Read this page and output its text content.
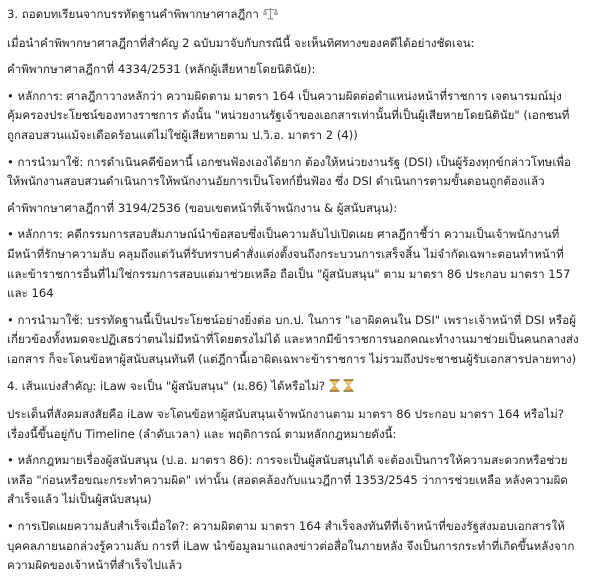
3. ถอดบทเรียนจากบรรทัดฐานคำพิพากษาศาลฎีกา

เมื่อนำคำพิพากษาศาลฎีกาที่สำคัญ 2 ฉบับมาจับกับกรณีนี้ จะเห็นทิศทางของคดีได้อย่างชัดเจน:

คำพิพากษาศาลฎีกาที่ 4334/2531 (หลักผู้เสียหายโดยนิตินัย):

• หลักการ: ศาลฎีกาวางหลักว่า ความผิดตาม มาตรา 164 เป็นความผิดต่อตำแหน่งหน้าที่ราชการ เจตนารมณ์มุ่งคุ้มครองประโยชน์ของทางราชการ ดังนั้น "หน่วยงานรัฐเจ้าของเอกสารเท่านั้นที่เป็นผู้เสียหายโดยนิตินัย" (เอกชนที่ถูกสอบสวนแม้จะเดือดร้อนแต่ไม่ใช่ผู้เสียหายตาม ป.วิ.อ. มาตรา 2 (4))

• การนำมาใช้: การดำเนินคดีข้อหานี้ เอกชนฟ้องเองได้ยาก ต้องให้หน่วยงานรัฐ (DSI) เป็นผู้ร้องทุกข์กล่าวโทษเพื่อให้พนักงานสอบสวนดำเนินการให้พนักงานอัยการเป็นโจทก์ยื่นฟ้อง ซึ่ง DSI ดำเนินการตามขั้นตอนถูกต้องแล้ว

คำพิพากษาศาลฎีกาที่ 3194/2536 (ขอบเขตหน้าที่เจ้าพนักงาน & ผู้สนับสนุน):

• หลักการ: คดีกรรมการสอบสัมภาษณ์นำข้อสอบซึ่งเป็นความลับไปเปิดเผย ศาลฎีกาชี้ว่า ความเป็นเจ้าพนักงานที่มีหน้าที่รักษาความลับ คลุมถึงแต่วันที่รับทราบคำสั่งแต่งตั้งจนถึงกระบวนการเสร็จสิ้น ไม่จำกัดเฉพาะตอนทำหน้าที่ และข้าราชการอื่นที่ไม่ใช่กรรมการสอบแต่มาช่วยเหลือ ถือเป็น "ผู้สนับสนุน" ตาม มาตรา 86 ประกอบ มาตรา 157 และ 164

• การนำมาใช้: บรรทัดฐานนี้เป็นประโยชน์อย่างยิ่งต่อ บก.ป. ในการ "เอาผิดคนใน DSI" เพราะเจ้าหน้าที่ DSI หรือผู้เกี่ยวข้องทั้งหมดจะปฏิเสธว่าตนไม่มีหน้าที่โดยตรงไม่ได้ และหากมีข้าราชการนอกคณะทำงานมาช่วยเป็นคนกลางส่งเอกสาร ก็จะโดนข้อหาผู้สนับสนุนทันที (แต่ฎีกานี้เอาผิดเฉพาะข้าราชการ ไม่รวมถึงประชาชนผู้รับเอกสารปลายทาง)

4. เส้นแบ่งสำคัญ: iLaw จะเป็น "ผู้สนับสนุน" (ม.86) ได้หรือไม่?

ประเด็นที่สังคมสงสัยคือ iLaw จะโดนข้อหาผู้สนับสนุนเจ้าพนักงานตาม มาตรา 86 ประกอบ มาตรา 164 หรือไม่? เรื่องนี้ขึ้นอยู่กับ Timeline (ลำดับเวลา) และ พฤติการณ์ ตามหลักกฎหมายดังนี้:

• หลักกฎหมายเรื่องผู้สนับสนุน (ป.อ. มาตรา 86): การจะเป็นผู้สนับสนุนได้ จะต้องเป็นการให้ความสะดวกหรือช่วยเหลือ "ก่อนหรือขณะกระทำความผิด" เท่านั้น (สอดคล้องกับแนวฎีกาที่ 1353/2545 ว่าการช่วยเหลือ หลังความผิดสำเร็จแล้ว ไม่เป็นผู้สนับสนุน)

• การเปิดเผยความลับสำเร็จเมื่อใด?: ความผิดตาม มาตรา 164 สำเร็จลงทันทีที่เจ้าหน้าที่ของรัฐส่งมอบเอกสารให้บุคคลภายนอกล่วงรู้ความลับ การที่ iLaw นำข้อมูลมาแถลงข่าวต่อสื่อในภายหลัง จึงเป็นการกระทำที่เกิดขึ้นหลังจากความผิดของเจ้าหน้าที่สำเร็จไปแล้ว
